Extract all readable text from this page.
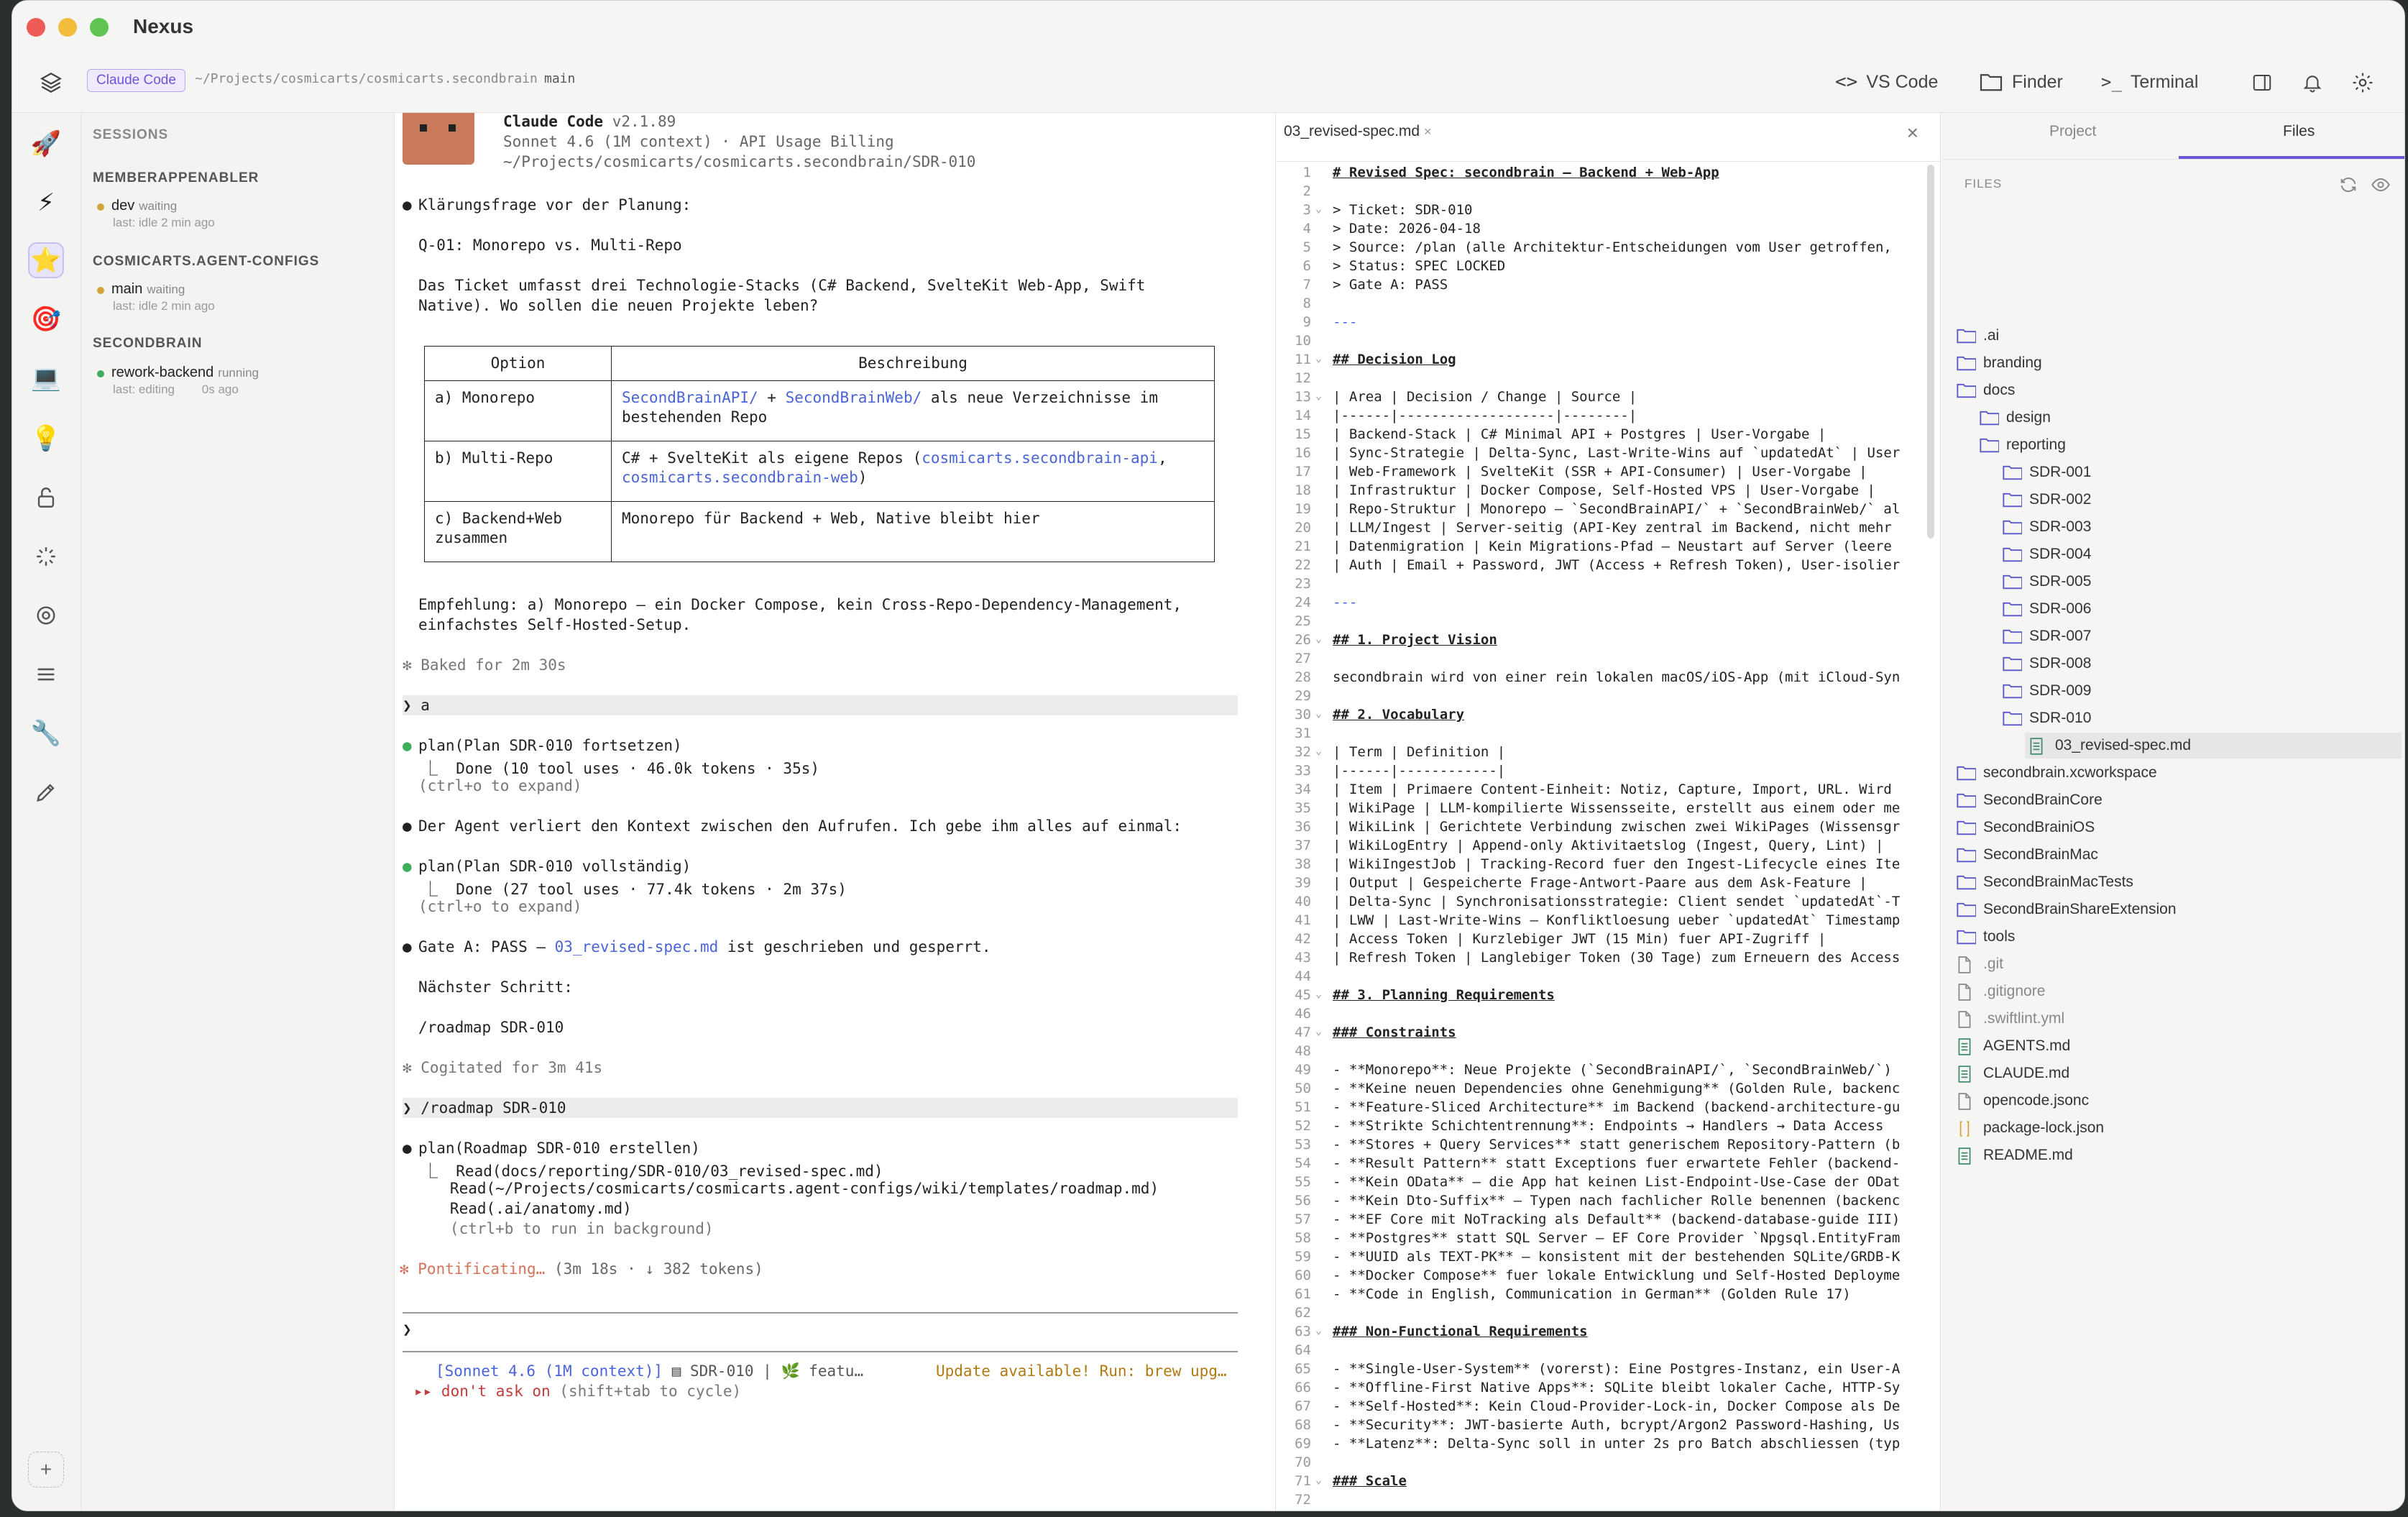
Nexus
Claude Code	~/Projects/cosmicarts/cosmicarts.secondbrain main	<> VS Code	Finder >_ Terminal
🚀
⚡
⭐
🎯
💻
💡
🔧
+
SESSIONS
MEMBERAPPENABLER
dev waiting
last: idle 2 min ago
COSMICARTS.AGENT-CONFIGS
main waiting
last: idle 2 min ago
SECONDBRAIN
rework-backend running
last: editing 0s ago
Claude Code v2.1.89
Sonnet 4.6 (1M context) · API Usage Billing
~/Projects/cosmicarts/cosmicarts.secondbrain/SDR-010
● Klärungsfrage vor der Planung:
Q-01: Monorepo vs. Multi-Repo
Das Ticket umfasst drei Technologie-Stacks (C# Backend, SvelteKit Web-App, Swift
Native). Wo sollen die neuen Projekte leben?
Option	Beschreibung
a) Monorepo	SecondBrainAPI/ + SecondBrainWeb/ als neue Verzeichnisse im bestehenden Repo
b) Multi-Repo	C# + SvelteKit als eigene Repos (cosmicarts.secondbrain-api, cosmicarts.secondbrain-web)
c) Backend+Web zusammen	Monorepo für Backend + Web, Native bleibt hier
Empfehlung: a) Monorepo — ein Docker Compose, kein Cross-Repo-Dependency-Management,
einfachstes Self-Hosted-Setup.
✻ Baked for 2m 30s
❯ a
● plan(Plan SDR-010 fortsetzen)
⎿  Done (10 tool uses · 46.0k tokens · 35s)
(ctrl+o to expand)
● Der Agent verliert den Kontext zwischen den Aufrufen. Ich gebe ihm alles auf einmal:
● plan(Plan SDR-010 vollständig)
⎿  Done (27 tool uses · 77.4k tokens · 2m 37s)
(ctrl+o to expand)
● Gate A: PASS — 03_revised-spec.md ist geschrieben und gesperrt.
Nächster Schritt:
/roadmap SDR-010
✻ Cogitated for 3m 41s
❯ /roadmap SDR-010
● plan(Roadmap SDR-010 erstellen)
⎿  Read(docs/reporting/SDR-010/03_revised-spec.md)
Read(~/Projects/cosmicarts/cosmicarts.agent-configs/wiki/templates/roadmap.md)
Read(.ai/anatomy.md)
(ctrl+b to run in background)
✻ Pontificating… (3m 18s · ↓ 382 tokens)
❯
[Sonnet 4.6 (1M context)] ▤ SDR-010 | 🌿 featu…	Update available! Run: brew upg…
▸▸ don't ask on (shift+tab to cycle)
03_revised-spec.md ×	×
1 # Revised Spec: secondbrain — Backend + Web-App
2
3 ⌄ > Ticket: SDR-010
4 > Date: 2026-04-18
5 > Source: /plan (alle Architektur-Entscheidungen vom User getroffen,
6 > Status: SPEC LOCKED
7 > Gate A: PASS
8
9 ---
10
11 ⌄ ## Decision Log
12
13 ⌄ | Area | Decision / Change | Source |
14 |------|-------------------|--------|
15 | Backend-Stack | C# Minimal API + Postgres | User-Vorgabe |
16 | Sync-Strategie | Delta-Sync, Last-Write-Wins auf `updatedAt` | User
17 | Web-Framework | SvelteKit (SSR + API-Consumer) | User-Vorgabe |
18 | Infrastruktur | Docker Compose, Self-Hosted VPS | User-Vorgabe |
19 | Repo-Struktur | Monorepo — `SecondBrainAPI/` + `SecondBrainWeb/` al
20 | LLM/Ingest | Server-seitig (API-Key zentral im Backend, nicht mehr
21 | Datenmigration | Kein Migrations-Pfad — Neustart auf Server (leere
22 | Auth | Email + Password, JWT (Access + Refresh Token), User-isolier
23
24 ---
25
26 ⌄ ## 1. Project Vision
27
28 secondbrain wird von einer rein lokalen macOS/iOS-App (mit iCloud-Syn
29
30 ⌄ ## 2. Vocabulary
31
32 ⌄ | Term | Definition |
33 |------|------------|
34 | Item | Primaere Content-Einheit: Notiz, Capture, Import, URL. Wird
35 | WikiPage | LLM-kompilierte Wissensseite, erstellt aus einem oder me
36 | WikiLink | Gerichtete Verbindung zwischen zwei WikiPages (Wissensgr
37 | WikiLogEntry | Append-only Aktivitaetslog (Ingest, Query, Lint) |
38 | WikiIngestJob | Tracking-Record fuer den Ingest-Lifecycle eines Ite
39 | Output | Gespeicherte Frage-Antwort-Paare aus dem Ask-Feature |
40 | Delta-Sync | Synchronisationsstrategie: Client sendet `updatedAt`-T
41 | LWW | Last-Write-Wins — Konfliktloesung ueber `updatedAt` Timestamp
42 | Access Token | Kurzlebiger JWT (15 Min) fuer API-Zugriff |
43 | Refresh Token | Langlebiger Token (30 Tage) zum Erneuern des Access
44
45 ⌄ ## 3. Planning Requirements
46
47 ⌄ ### Constraints
48
49 - **Monorepo**: Neue Projekte (`SecondBrainAPI/`, `SecondBrainWeb/`)
50 - **Keine neuen Dependencies ohne Genehmigung** (Golden Rule, backenc
51 - **Feature-Sliced Architecture** im Backend (backend-architecture-gu
52 - **Strikte Schichtentrennung**: Endpoints → Handlers → Data Access
53 - **Stores + Query Services** statt generischem Repository-Pattern (b
54 - **Result Pattern** statt Exceptions fuer erwartete Fehler (backend-
55 - **Kein OData** — die App hat keinen List-Endpoint-Use-Case der ODat
56 - **Kein Dto-Suffix** — Typen nach fachlicher Rolle benennen (backenc
57 - **EF Core mit NoTracking als Default** (backend-database-guide III)
58 - **Postgres** statt SQL Server — EF Core Provider `Npgsql.EntityFram
59 - **UUID als TEXT-PK** — konsistent mit der bestehenden SQLite/GRDB-K
60 - **Docker Compose** fuer lokale Entwicklung und Self-Hosted Deployme
61 - **Code in English, Communication in German** (Golden Rule 17)
62
63 ⌄ ### Non-Functional Requirements
64
65 - **Single-User-System** (vorerst): Eine Postgres-Instanz, ein User-A
66 - **Offline-First Native Apps**: SQLite bleibt lokaler Cache, HTTP-Sy
67 - **Self-Hosted**: Kein Cloud-Provider-Lock-in, Docker Compose als De
68 - **Security**: JWT-basierte Auth, bcrypt/Argon2 Password-Hashing, Us
69 - **Latenz**: Delta-Sync soll in unter 2s pro Batch abschliessen (typ
70
71 ⌄ ### Scale
72
Project	Files
FILES
.ai
branding
docs
design
reporting
SDR-001
SDR-002
SDR-003
SDR-004
SDR-005
SDR-006
SDR-007
SDR-008
SDR-009
SDR-010
03_revised-spec.md
secondbrain.xcworkspace
SecondBrainCore
SecondBrainiOS
SecondBrainMac
SecondBrainMacTests
SecondBrainShareExtension
tools
.git
.gitignore
.swiftlint.yml
AGENTS.md
CLAUDE.md
opencode.jsonc
package-lock.json
README.md
